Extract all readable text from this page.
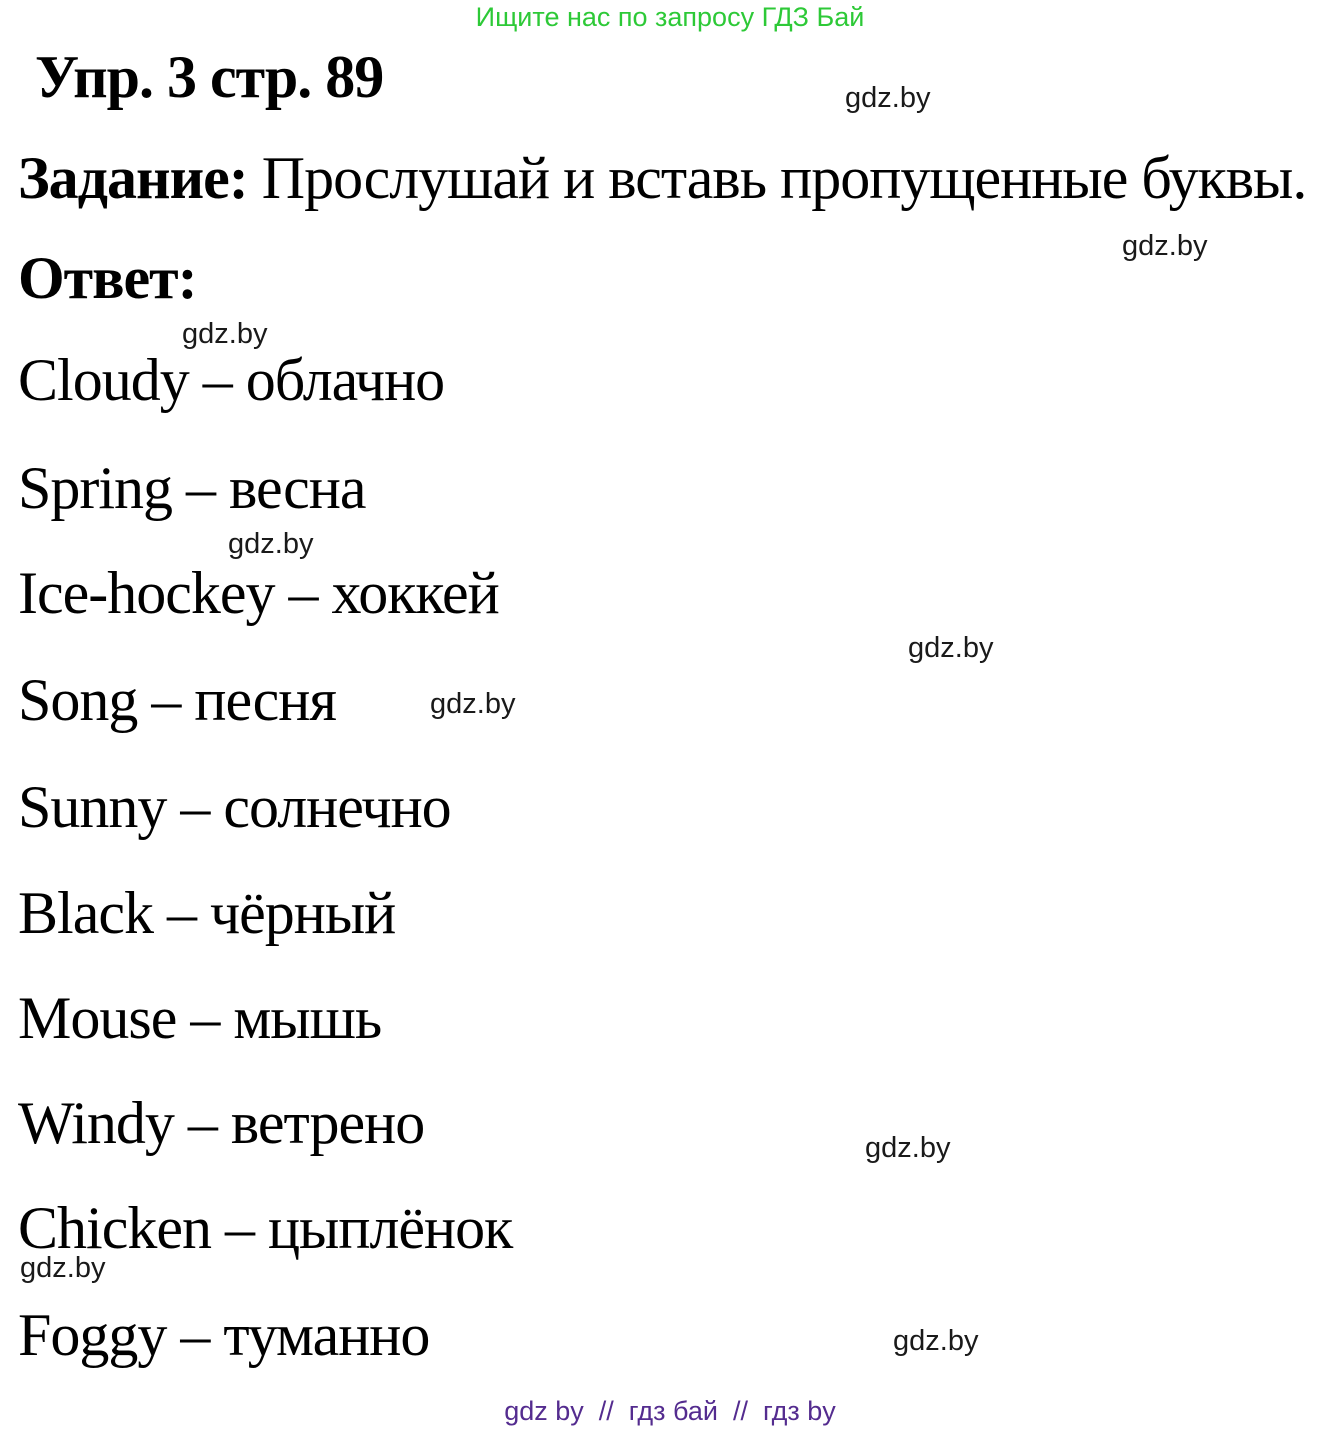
Ищите нас по запросу ГДЗ Бай
Упр. 3 стр. 89	gdz.by
Задание: Прослушай и вставь пропущенные буквы.
gdz.by
Ответ:
gdz.by
Cloudy – облачно
Spring – весна
gdz.by
Ice-hockey – хоккей
gdz.by
Song – песня	gdz.by
Sunny – солнечно
Black – чёрный
Mouse – мышь
Windy – ветрено	gdz.by
Chicken – цыплёнок
gdz.by
Foggy – туманно	gdz.by
gdz by  //  гдз бай  //  гдз by
